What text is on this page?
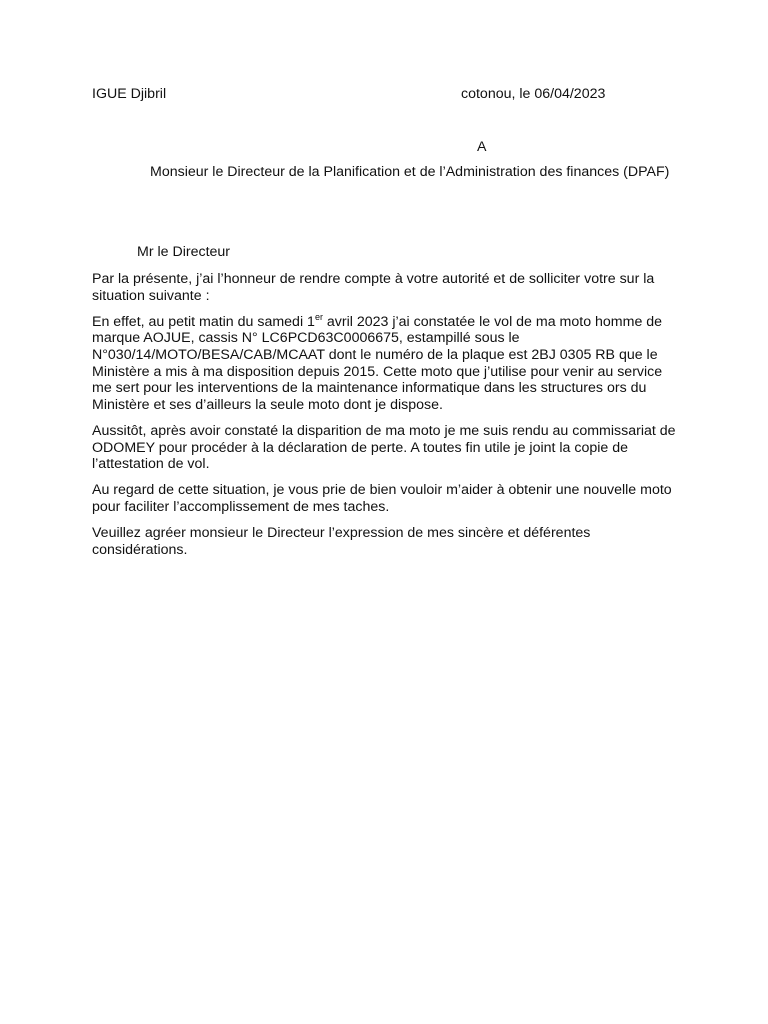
IGUE Djibril	cotonou, le 06/04/2023
A
Monsieur le Directeur de la Planification et de l’Administration des finances (DPAF)
Mr le Directeur

Par la présente, j’ai l’honneur de rendre compte à votre autorité et de solliciter votre sur la
situation suivante :

En effet, au petit matin du samedi 1er avril 2023 j’ai constatée le vol de ma moto homme de
marque AOJUE, cassis N° LC6PCD63C0006675, estampillé sous le
N°030/14/MOTO/BESA/CAB/MCAAT dont le numéro de la plaque est 2BJ 0305 RB que le
Ministère a mis à ma disposition depuis 2015. Cette moto que j’utilise pour venir au service
me sert pour les interventions de la maintenance informatique dans les structures ors du
Ministère et ses d’ailleurs la seule moto dont je dispose.

Aussitôt, après avoir constaté la disparition de ma moto je me suis rendu au commissariat de
ODOMEY pour procéder à la déclaration de perte. A toutes fin utile je joint la copie de
l’attestation de vol.

Au regard de cette situation, je vous prie de bien vouloir m’aider à obtenir une nouvelle moto
pour faciliter l’accomplissement de mes taches.

Veuillez agréer monsieur le Directeur l’expression de mes sincère et déférentes
considérations.
